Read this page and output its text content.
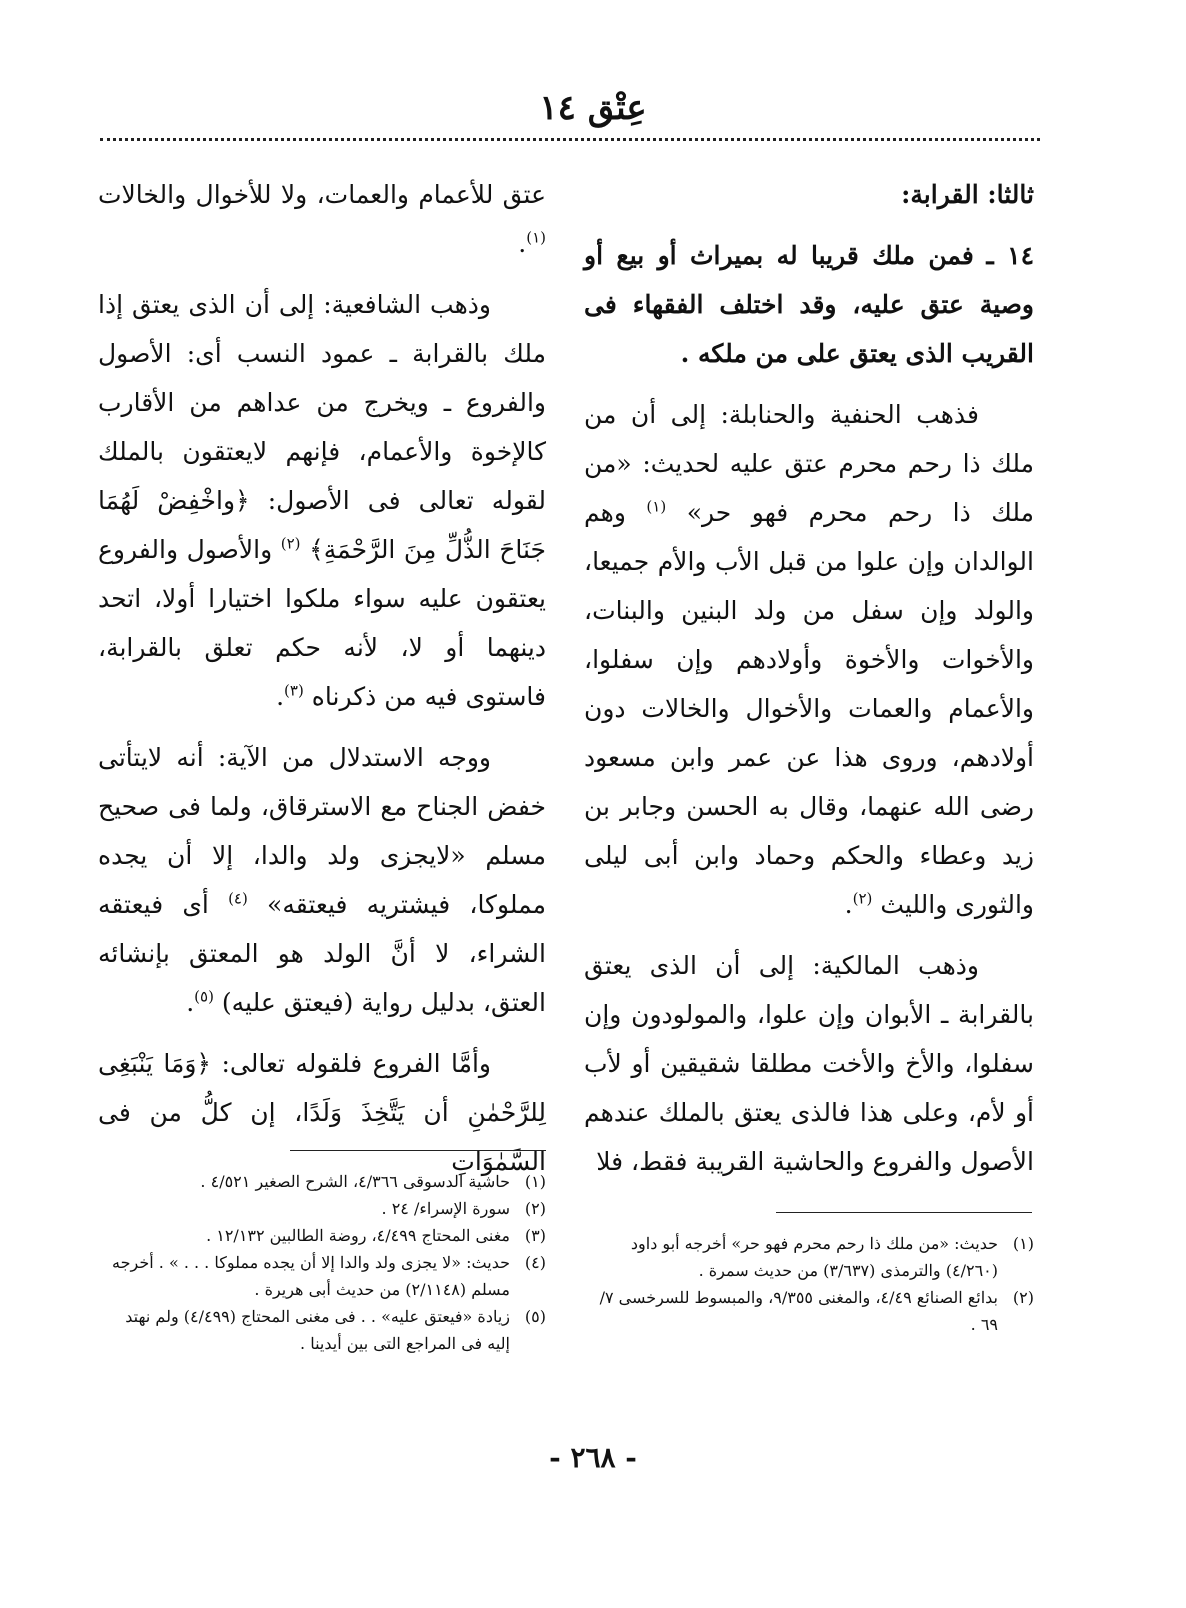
عِتْق ١٤

ثالثا: القرابة:

١٤ ـ فمن ملك قريبا له بميراث أو بيع أو وصية عتق عليه، وقد اختلف الفقهاء فى القريب الذى يعتق على من ملكه .

فذهب الحنفية والحنابلة: إلى أن من ملك ذا رحم محرم عتق عليه لحديث: «من ملك ذا رحم محرم فهو حر» $^{(١)}$ وهم الوالدان وإن علوا من قبل الأب والأم جميعا، والولد وإن سفل من ولد البنين والبنات، والأخوات والأخوة وأولادهم وإن سفلوا، والأعمام والعمات والأخوال والخالات دون أولادهم، وروى هذا عن عمر وابن مسعود رضى الله عنهما، وقال به الحسن وجابر بن زيد وعطاء والحكم وحماد وابن أبى ليلى والثورى والليث $^{(٢)}$.

وذهب المالكية: إلى أن الذى يعتق بالقرابة ـ الأبوان وإن علوا، والمولودون وإن سفلوا، والأخ والأخت مطلقا شقيقين أو لأب أو لأم، وعلى هذا فالذى يعتق بالملك عندهم الأصول والفروع والحاشية القريبة فقط، فلا

عتق للأعمام والعمات، ولا للأخوال والخالات $^{(١)}$.

وذهب الشافعية: إلى أن الذى يعتق إذا ملك بالقرابة ـ عمود النسب أى: الأصول والفروع ـ ويخرج من عداهم من الأقارب كالإخوة والأعمام، فإنهم لايعتقون بالملك لقوله تعالى فى الأصول: ﴿واخْفِضْ لَهُمَا جَنَاحَ الذُّلِّ مِنَ الرَّحْمَةِ﴾ $^{(٢)}$ والأصول والفروع يعتقون عليه سواء ملكوا اختيارا أولا، اتحد دينهما أو لا، لأنه حكم تعلق بالقرابة، فاستوى فيه من ذكرناه $^{(٣)}$.

ووجه الاستدلال من الآية: أنه لايتأتى خفض الجناح مع الاسترقاق، ولما فى صحيح مسلم «لايجزى ولد والدا، إلا أن يجده مملوكا، فيشتريه فيعتقه» $^{(٤)}$ أى فيعتقه الشراء، لا أنَّ الولد هو المعتق بإنشائه العتق، بدليل رواية (فيعتق عليه) $^{(٥)}$.

وأمَّا الفروع فلقوله تعالى: ﴿وَمَا يَنْبَغِى لِلرَّحْمٰنِ أن يَتَّخِذَ وَلَدًا، إن كلُّ من فى السَّمٰوَاتِ

(١)
حديث: «من ملك ذا رحم محرم فهو حر» أخرجه أبو داود (٤/٢٦٠) والترمذى (٣/٦٣٧) من حديث سمرة .

(٢)
بدائع الصنائع ٤/٤٩، والمغنى ٩/٣٥٥، والمبسوط للسرخسى ٧/ ٦٩ .

(١)
حاشية الدسوقى ٤/٣٦٦، الشرح الصغير ٤/٥٢١ .

(٢)
سورة الإسراء/ ٢٤ .

(٣)
مغنى المحتاج ٤/٤٩٩، روضة الطالبين ١٢/١٣٢ .

(٤)
حديث: «لا يجزى ولد والدا إلا أن يجده مملوكا . . . » . أخرجه مسلم (٢/١١٤٨) من حديث أبى هريرة .

(٥)
زيادة «فيعتق عليه» . . فى مغنى المحتاج (٤/٤٩٩) ولم نهتد إليه فى المراجع التى بين أيدينا .

- ٢٦٨ -
